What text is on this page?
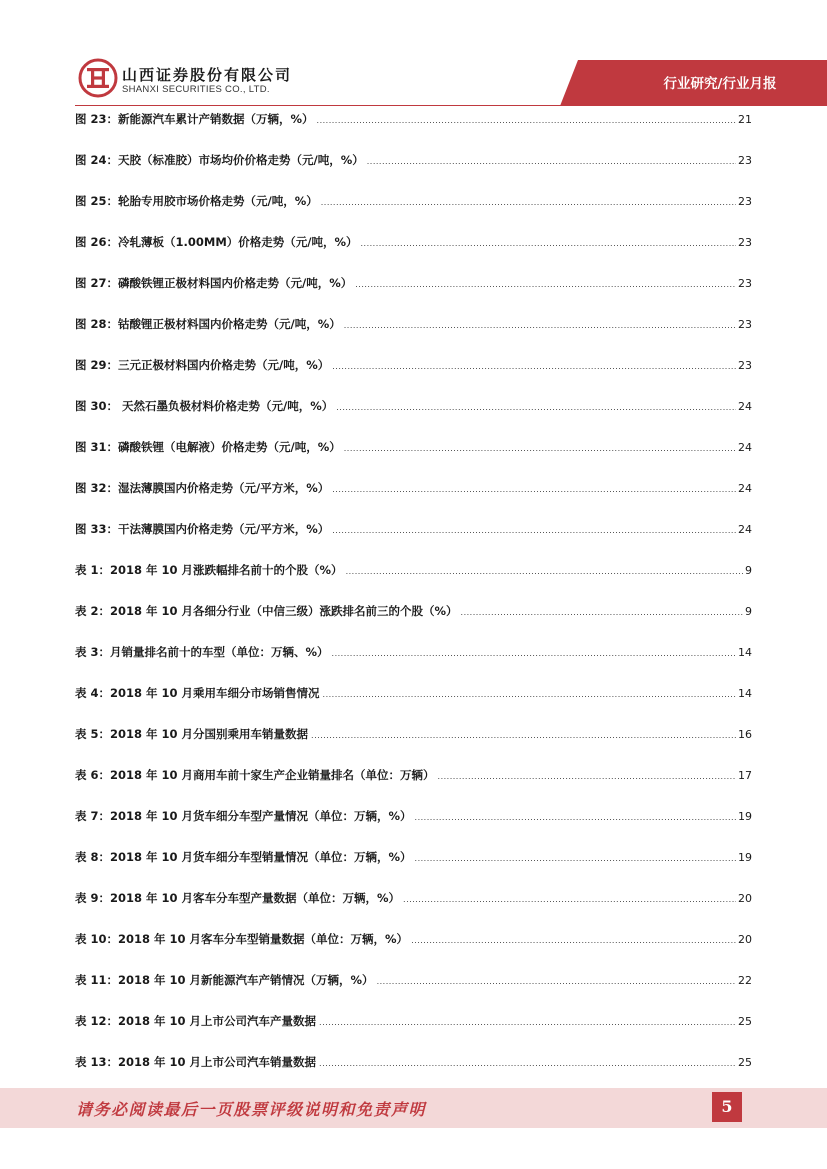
山西证券股份有限公司
SHANXI SECURITIES CO., LTD.	行业研究/行业月报
图 23：新能源汽车累计产销数据（万辆，%） .....	21
图 24：天胶（标准胶）市场均价价格走势（元/吨，%） .....	23
图 25：轮胎专用胶市场价格走势（元/吨，%） .....	23
图 26：冷轧薄板（1.00MM）价格走势（元/吨，%） .....	23
图 27：磷酸铁锂正极材料国内价格走势（元/吨，%） .....	23
图 28：钴酸锂正极材料国内价格走势（元/吨，%） .....	23
图 29：三元正极材料国内价格走势（元/吨，%） .....	23
图 30： 天然石墨负极材料价格走势（元/吨，%） .....	24
图 31：磷酸铁锂（电解液）价格走势（元/吨，%） .....	24
图 32：湿法薄膜国内价格走势（元/平方米，%） .....	24
图 33：干法薄膜国内价格走势（元/平方米，%） .....	24
表 1：2018 年 10 月涨跌幅排名前十的个股（%） .....	9
表 2：2018 年 10 月各细分行业（中信三级）涨跌排名前三的个股（%） .....	9
表 3：月销量排名前十的车型（单位：万辆、%） .....	14
表 4：2018 年 10 月乘用车细分市场销售情况 .....	14
表 5：2018 年 10 月分国别乘用车销量数据 .....	16
表 6：2018 年 10 月商用车前十家生产企业销量排名（单位：万辆） .....	17
表 7：2018 年 10 月货车细分车型产量情况（单位：万辆，%） .....	19
表 8：2018 年 10 月货车细分车型销量情况（单位：万辆，%） .....	19
表 9：2018 年 10 月客车分车型产量数据（单位：万辆，%） .....	20
表 10：2018 年 10 月客车分车型销量数据（单位：万辆，%） .....	20
表 11：2018 年 10 月新能源汽车产销情况（万辆，%） .....	22
表 12：2018 年 10 月上市公司汽车产量数据 .....	25
表 13：2018 年 10 月上市公司汽车销量数据 .....	25
请务必阅读最后一页股票评级说明和免责声明	5
